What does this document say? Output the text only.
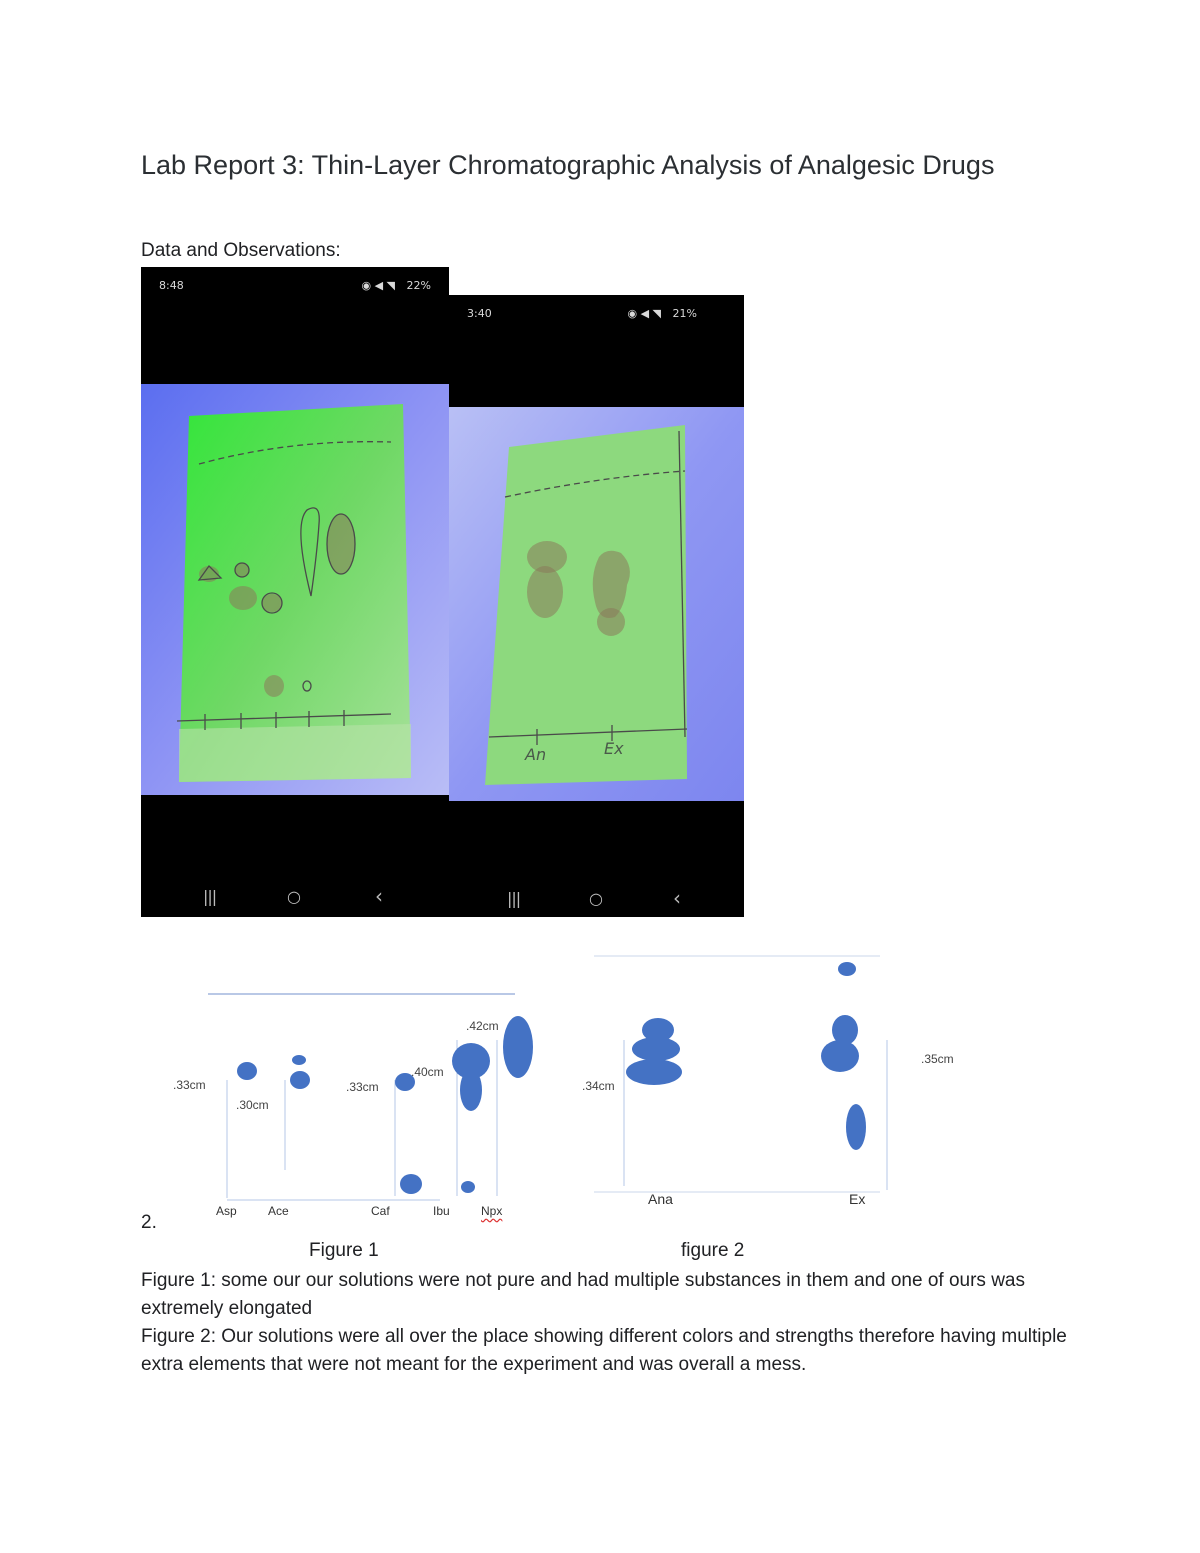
Lab Report 3: Thin-Layer Chromatographic Analysis of Analgesic Drugs
Data and Observations:
8:48	◉ ◀ ◥ 22%
|||	○	‹
3:40	◉ ◀ ◥ 21%
An	Ex
|||	○	‹
.33cm
.30cm
.33cm
.40cm
.42cm
Asp	Ace	Caf	Ibu	Npx
.34cm
.35cm
Ana	Ex
2.
Figure 1	figure 2
Figure 1: some our our solutions were not pure and had multiple substances in them and one of ours was extremely elongated
Figure 2: Our solutions were all over the place showing different colors and strengths therefore having multiple extra elements that were not meant for the experiment and was overall a mess.
